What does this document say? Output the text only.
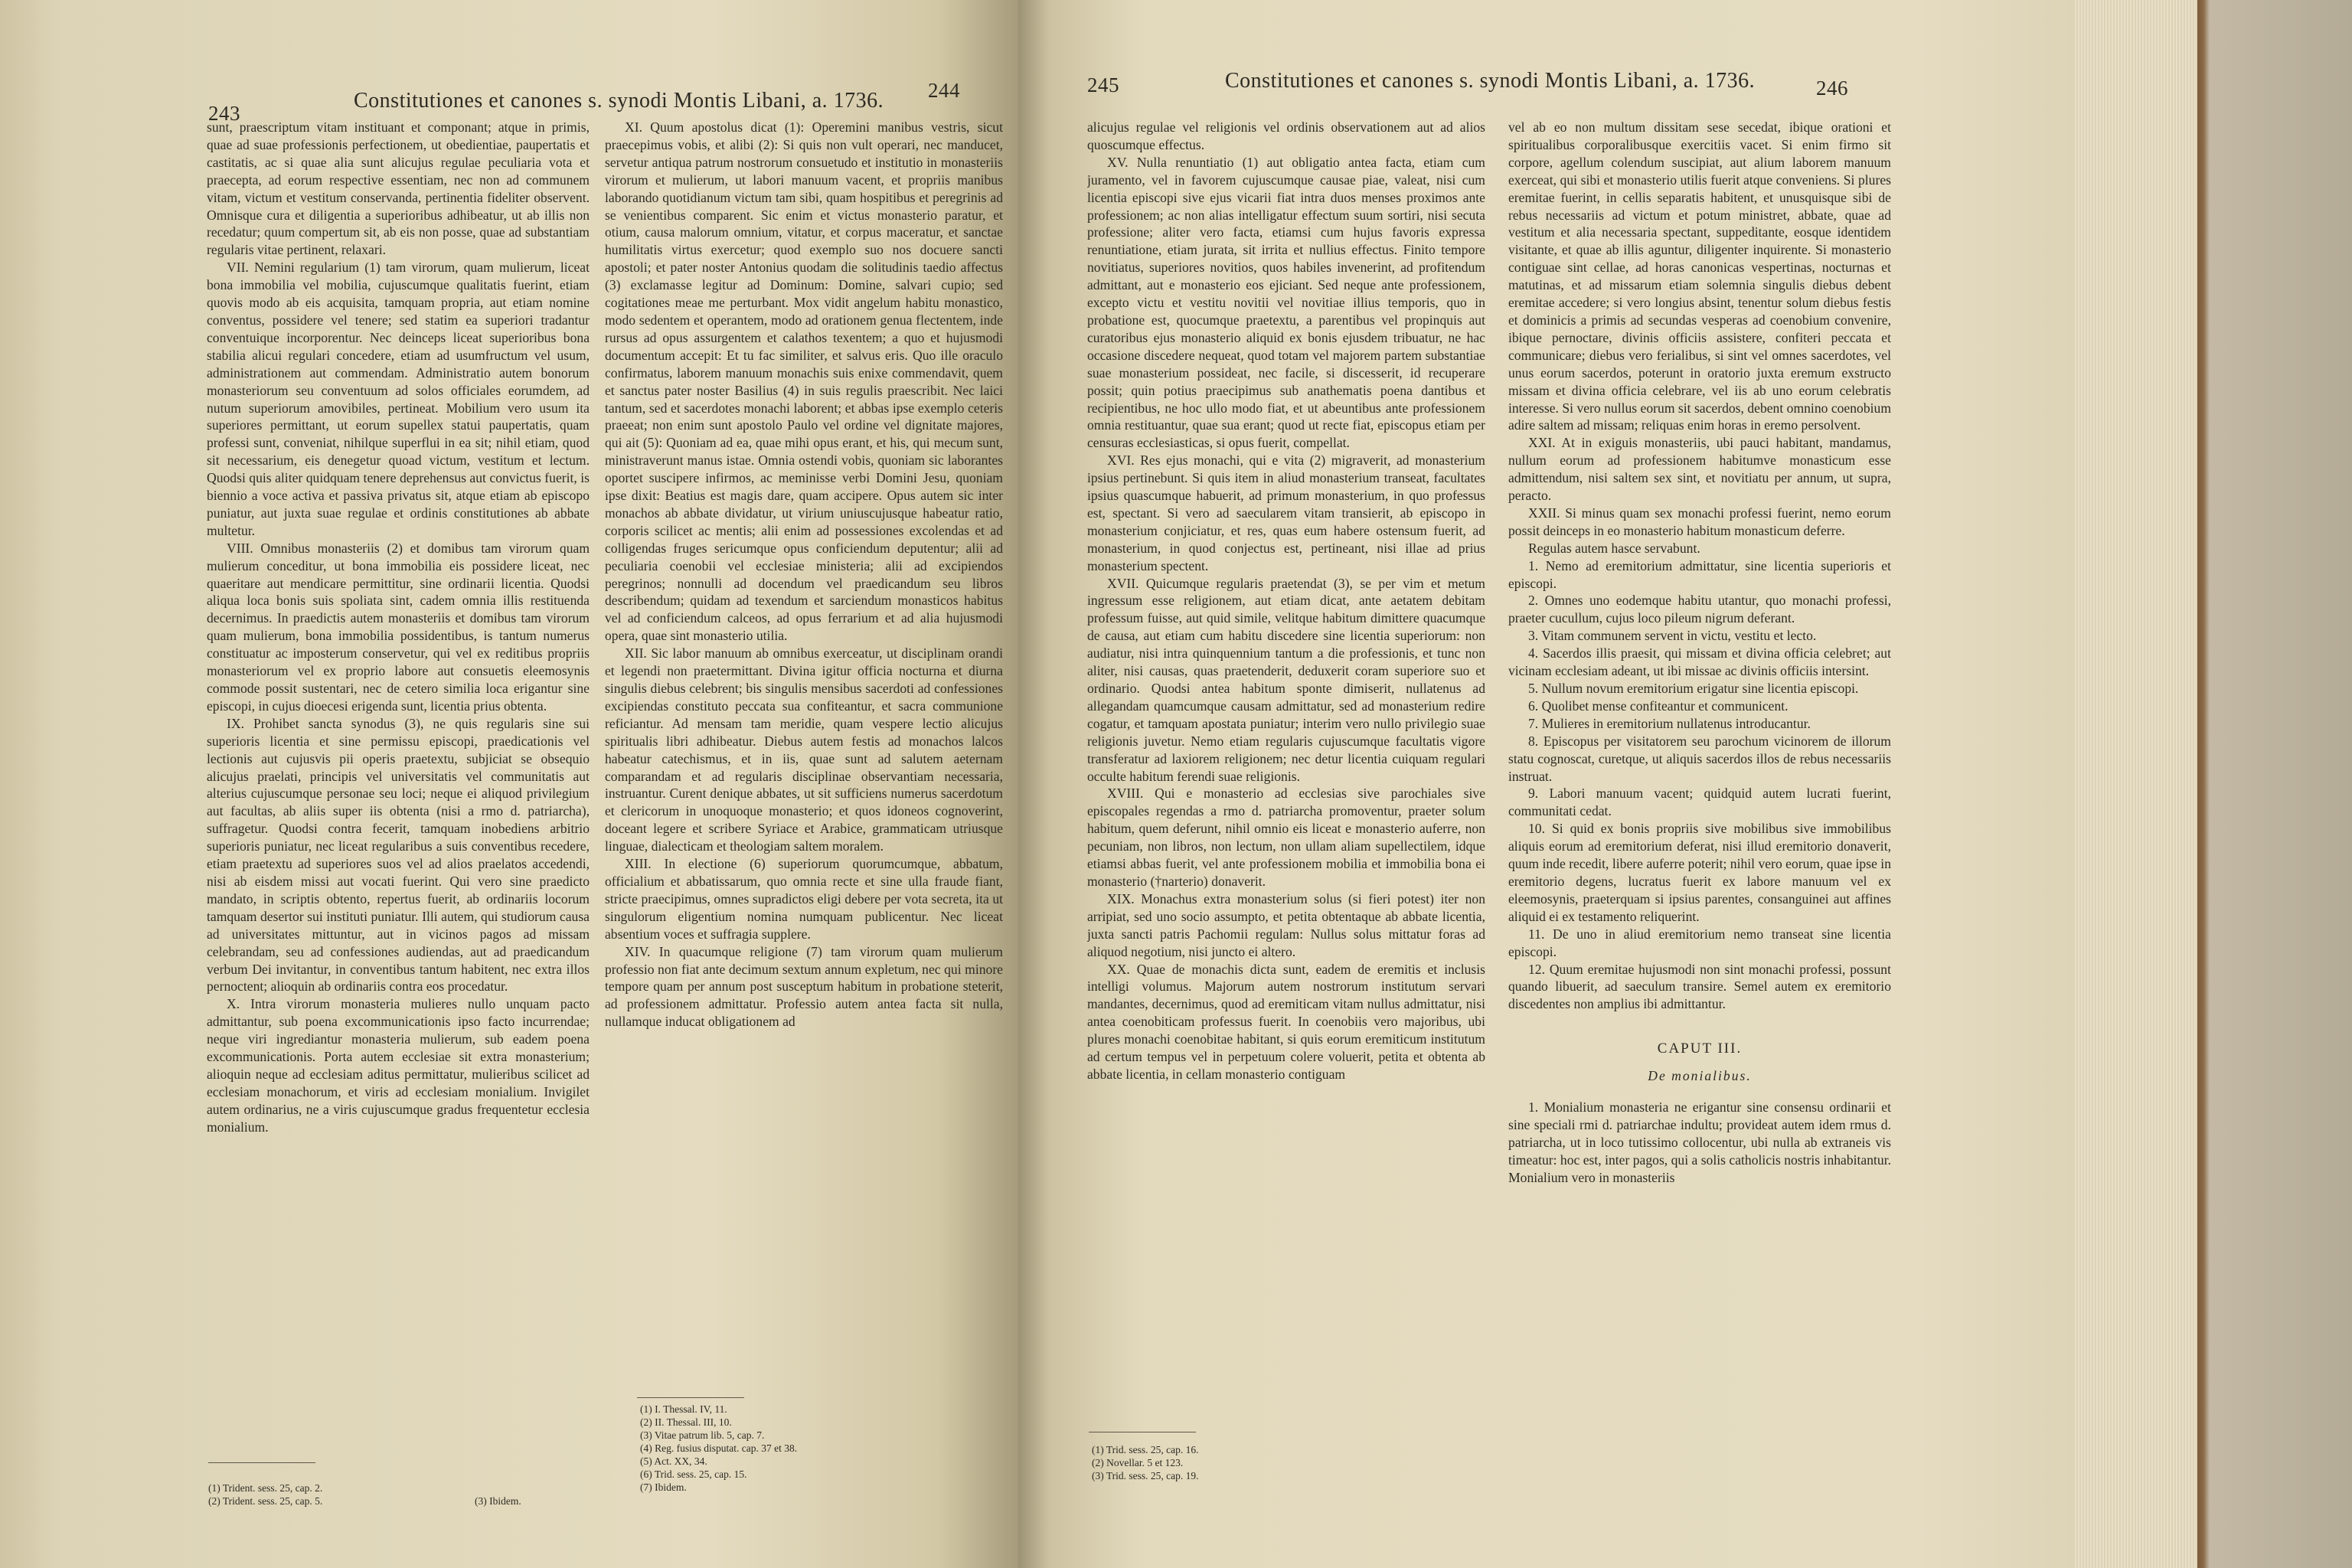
243
Constitutiones et canones s. synodi Montis Libani, a. 1736. 244

sunt, praescriptum vitam instituant et componant; atque in primis, quae ad suae professionis perfectionem, ut obedientiae, paupertatis et castitatis, ac si quae alia sunt alicujus regulae peculiaria vota et praecepta, ad eorum respective essentiam, nec non ad communem vitam, victum et vestitum conservanda, pertinentia fideliter observent. Omnisque cura et diligentia a superioribus adhibeatur, ut ab illis non recedatur; quum compertum sit, ab eis non posse, quae ad substantiam regularis vitae pertinent, relaxari.

VII. Nemini regularium (1) tam virorum, quam mulierum, liceat bona immobilia vel mobilia, cujuscumque qualitatis fuerint, etiam quovis modo ab eis acquisita, tamquam propria, aut etiam nomine conventus, possidere vel tenere; sed statim ea superiori tradantur conventuique incorporentur. Nec deinceps liceat superioribus bona stabilia alicui regulari concedere, etiam ad usumfructum vel usum, administrationem aut commendam. Administratio autem bonorum monasteriorum seu conventuum ad solos officiales eorumdem, ad nutum superiorum amovibiles, pertineat. Mobilium vero usum ita superiores permittant, ut eorum supellex statui paupertatis, quam professi sunt, conveniat, nihilque superflui in ea sit; nihil etiam, quod sit necessarium, eis denegetur quoad victum, vestitum et lectum. Quodsi quis aliter quidquam tenere deprehensus aut convictus fuerit, is biennio a voce activa et passiva privatus sit, atque etiam ab episcopo puniatur, aut juxta suae regulae et ordinis constitutiones ab abbate multetur.

VIII. Omnibus monasteriis (2) et domibus tam virorum quam mulierum conceditur, ut bona immobilia eis possidere liceat, nec quaeritare aut mendicare permittitur, sine ordinarii licentia. Quodsi aliqua loca bonis suis spoliata sint, cadem omnia illis restituenda decernimus. In praedictis autem monasteriis et domibus tam virorum quam mulierum, bona immobilia possidentibus, is tantum numerus constituatur ac imposterum conservetur, qui vel ex reditibus propriis monasteriorum vel ex proprio labore aut consuetis eleemosynis commode possit sustentari, nec de cetero similia loca erigantur sine episcopi, in cujus dioecesi erigenda sunt, licentia prius obtenta.

IX. Prohibet sancta synodus (3), ne quis regularis sine sui superioris licentia et sine permissu episcopi, praedicationis vel lectionis aut cujusvis pii operis praetextu, subjiciat se obsequio alicujus praelati, principis vel universitatis vel communitatis aut alterius cujuscumque personae seu loci; neque ei aliquod privilegium aut facultas, ab aliis super iis obtenta (nisi a rmo d. patriarcha), suffragetur. Quodsi contra fecerit, tamquam inobediens arbitrio superioris puniatur, nec liceat regularibus a suis conventibus recedere, etiam praetextu ad superiores suos vel ad alios praelatos accedendi, nisi ab eisdem missi aut vocati fuerint. Qui vero sine praedicto mandato, in scriptis obtento, repertus fuerit, ab ordinariis locorum tamquam desertor sui instituti puniatur. Illi autem, qui studiorum causa ad universitates mittuntur, aut in vicinos pagos ad missam celebrandam, seu ad confessiones audiendas, aut ad praedicandum verbum Dei invitantur, in conventibus tantum habitent, nec extra illos pernoctent; alioquin ab ordinariis contra eos procedatur.

X. Intra virorum monasteria mulieres nullo unquam pacto admittantur, sub poena excommunicationis ipso facto incurrendae; neque viri ingrediantur monasteria mulierum, sub eadem poena excommunicationis. Porta autem ecclesiae sit extra monasterium; alioquin neque ad ecclesiam aditus permittatur, mulieribus scilicet ad ecclesiam monachorum, et viris ad ecclesiam monialium. Invigilet autem ordinarius, ne a viris cujuscumque gradus frequentetur ecclesia monialium.

XI. Quum apostolus dicat (1): Operemini manibus vestris, sicut praecepimus vobis, et alibi (2): Si quis non vult operari, nec manducet, servetur antiqua patrum nostrorum consuetudo et institutio in monasteriis virorum et mulierum, ut labori manuum vacent, et propriis manibus laborando quotidianum victum tam sibi, quam hospitibus et peregrinis ad se venientibus comparent. Sic enim et victus monasterio paratur, et otium, causa malorum omnium, vitatur, et corpus maceratur, et sanctae humilitatis virtus exercetur; quod exemplo suo nos docuere sancti apostoli; et pater noster Antonius quodam die solitudinis taedio affectus (3) exclamasse legitur ad Dominum: Domine, salvari cupio; sed cogitationes meae me perturbant. Mox vidit angelum habitu monastico, modo sedentem et operantem, modo ad orationem genua flectentem, inde rursus ad opus assurgentem et calathos texentem; a quo et hujusmodi documentum accepit: Et tu fac similiter, et salvus eris. Quo ille oraculo confirmatus, laborem manuum monachis suis enixe commendavit, quem et sanctus pater noster Basilius (4) in suis regulis praescribit. Nec laici tantum, sed et sacerdotes monachi laborent; et abbas ipse exemplo ceteris praeeat; non enim sunt apostolo Paulo vel ordine vel dignitate majores, qui ait (5): Quoniam ad ea, quae mihi opus erant, et his, qui mecum sunt, ministraverunt manus istae. Omnia ostendi vobis, quoniam sic laborantes oportet suscipere infirmos, ac meminisse verbi Domini Jesu, quoniam ipse dixit: Beatius est magis dare, quam accipere. Opus autem sic inter monachos ab abbate dividatur, ut virium uniuscujusque habeatur ratio, corporis scilicet ac mentis; alii enim ad possessiones excolendas et ad colligendas fruges sericumque opus conficiendum deputentur; alii ad peculiaria coenobii vel ecclesiae ministeria; alii ad excipiendos peregrinos; nonnulli ad docendum vel praedicandum seu libros describendum; quidam ad texendum et sarciendum monasticos habitus vel ad conficiendum calceos, ad opus ferrarium et ad alia hujusmodi opera, quae sint monasterio utilia.

XII. Sic labor manuum ab omnibus exerceatur, ut disciplinam orandi et legendi non praetermittant. Divina igitur officia nocturna et diurna singulis diebus celebrent; bis singulis mensibus sacerdoti ad confessiones excipiendas constituto peccata sua confiteantur, et sacra communione reficiantur. Ad mensam tam meridie, quam vespere lectio alicujus spiritualis libri adhibeatur. Diebus autem festis ad monachos lalcos habeatur catechismus, et in iis, quae sunt ad salutem aeternam comparandam et ad regularis disciplinae observantiam necessaria, instruantur. Curent denique abbates, ut sit sufficiens numerus sacerdotum et clericorum in unoquoque monasterio; et quos idoneos cognoverint, doceant legere et scribere Syriace et Arabice, grammaticam utriusque linguae, dialecticam et theologiam saltem moralem.

XIII. In electione (6) superiorum quorumcumque, abbatum, officialium et abbatissarum, quo omnia recte et sine ulla fraude fiant, stricte praecipimus, omnes supradictos eligi debere per vota secreta, ita ut singulorum eligentium nomina numquam publicentur. Nec liceat absentium voces et suffragia supplere.

XIV. In quacumque religione (7) tam virorum quam mulierum professio non fiat ante decimum sextum annum expletum, nec qui minore tempore quam per annum post susceptum habitum in probatione steterit, ad professionem admittatur. Professio autem antea facta sit nulla, nullamque inducat obligationem ad

(1) Trident. sess. 25, cap. 2.
(2) Trident. sess. 25, cap. 5.	(3) Ibidem.
(1) I. Thessal. IV, 11.
(2) II. Thessal. III, 10.
(3) Vitae patrum lib. 5, cap. 7.
(4) Reg. fusius disputat. cap. 37 et 38.
(5) Act. XX, 34.
(6) Trid. sess. 25, cap. 15.
(7) Ibidem.
245	Constitutiones et canones s. synodi Montis Libani, a. 1736.	246

alicujus regulae vel religionis vel ordinis observationem aut ad alios quoscumque effectus.

XV. Nulla renuntiatio (1) aut obligatio antea facta, etiam cum juramento, vel in favorem cujuscumque causae piae, valeat, nisi cum licentia episcopi sive ejus vicarii fiat intra duos menses proximos ante professionem; ac non alias intelligatur effectum suum sortiri, nisi secuta professione; aliter vero facta, etiamsi cum hujus favoris expressa renuntiatione, etiam jurata, sit irrita et nullius effectus. Finito tempore novitiatus, superiores novitios, quos habiles invenerint, ad profitendum admittant, aut e monasterio eos ejiciant. Sed neque ante professionem, excepto victu et vestitu novitii vel novitiae illius temporis, quo in probatione est, quocumque praetextu, a parentibus vel propinquis aut curatoribus ejus monasterio aliquid ex bonis ejusdem tribuatur, ne hac occasione discedere nequeat, quod totam vel majorem partem substantiae suae monasterium possideat, nec facile, si discesserit, id recuperare possit; quin potius praecipimus sub anathematis poena dantibus et recipientibus, ne hoc ullo modo fiat, et ut abeuntibus ante professionem omnia restituantur, quae sua erant; quod ut recte fiat, episcopus etiam per censuras ecclesiasticas, si opus fuerit, compellat.

XVI. Res ejus monachi, qui e vita (2) migraverit, ad monasterium ipsius pertinebunt. Si quis item in aliud monasterium transeat, facultates ipsius quascumque habuerit, ad primum monasterium, in quo professus est, spectant. Si vero ad saecularem vitam transierit, ab episcopo in monasterium conjiciatur, et res, quas eum habere ostensum fuerit, ad monasterium, in quod conjectus est, pertineant, nisi illae ad prius monasterium spectent.

XVII. Quicumque regularis praetendat (3), se per vim et metum ingressum esse religionem, aut etiam dicat, ante aetatem debitam professum fuisse, aut quid simile, velitque habitum dimittere quacumque de causa, aut etiam cum habitu discedere sine licentia superiorum: non audiatur, nisi intra quinquennium tantum a die professionis, et tunc non aliter, nisi causas, quas praetenderit, deduxerit coram superiore suo et ordinario. Quodsi antea habitum sponte dimiserit, nullatenus ad allegandam quamcumque causam admittatur, sed ad monasterium redire cogatur, et tamquam apostata puniatur; interim vero nullo privilegio suae religionis juvetur. Nemo etiam regularis cujuscumque facultatis vigore transferatur ad laxiorem religionem; nec detur licentia cuiquam regulari occulte habitum ferendi suae religionis.

XVIII. Qui e monasterio ad ecclesias sive parochiales sive episcopales regendas a rmo d. patriarcha promoventur, praeter solum habitum, quem deferunt, nihil omnio eis liceat e monasterio auferre, non pecuniam, non libros, non lectum, non ullam aliam supellectilem, idque etiamsi abbas fuerit, vel ante professionem mobilia et immobilia bona ei monasterio (†narterio) donaverit.

XIX. Monachus extra monasterium solus (si fieri potest) iter non arripiat, sed uno socio assumpto, et petita obtentaque ab abbate licentia, juxta sancti patris Pachomii regulam: Nullus solus mittatur foras ad aliquod negotium, nisi juncto ei altero.

XX. Quae de monachis dicta sunt, eadem de eremitis et inclusis intelligi volumus. Majorum autem nostrorum institutum servari mandantes, decernimus, quod ad eremiticam vitam nullus admittatur, nisi antea coenobiticam professus fuerit. In coenobiis vero majoribus, ubi plures monachi coenobitae habitant, si quis eorum eremiticum institutum ad certum tempus vel in perpetuum colere voluerit, petita et obtenta ab abbate licentia, in cellam monasterio contiguam

vel ab eo non multum dissitam sese secedat, ibique orationi et spiritualibus corporalibusque exercitiis vacet. Si enim firmo sit corpore, agellum colendum suscipiat, aut alium laborem manuum exerceat, qui sibi et monasterio utilis fuerit atque conveniens. Si plures eremitae fuerint, in cellis separatis habitent, et unusquisque sibi de rebus necessariis ad victum et potum ministret, abbate, quae ad vestitum et alia necessaria spectant, suppeditante, eosque identidem visitante, et quae ab illis aguntur, diligenter inquirente. Si monasterio contiguae sint cellae, ad horas canonicas vespertinas, nocturnas et matutinas, et ad missarum etiam solemnia singulis diebus debent eremitae accedere; si vero longius absint, tenentur solum diebus festis et dominicis a primis ad secundas vesperas ad coenobium convenire, ibique pernoctare, divinis officiis assistere, confiteri peccata et communicare; diebus vero ferialibus, si sint vel omnes sacerdotes, vel unus eorum sacerdos, poterunt in oratorio juxta eremum exstructo missam et divina officia celebrare, vel iis ab uno eorum celebratis interesse. Si vero nullus eorum sit sacerdos, debent omnino coenobium adire saltem ad missam; reliquas enim horas in eremo persolvent.

XXI. At in exiguis monasteriis, ubi pauci habitant, mandamus, nullum eorum ad professionem habitumve monasticum esse admittendum, nisi saltem sex sint, et novitiatu per annum, ut supra, peracto.

XXII. Si minus quam sex monachi professi fuerint, nemo eorum possit deinceps in eo monasterio habitum monasticum deferre.

Regulas autem hasce servabunt.

1. Nemo ad eremitorium admittatur, sine licentia superioris et episcopi.

2. Omnes uno eodemque habitu utantur, quo monachi professi, praeter cucullum, cujus loco pileum nigrum deferant.

3. Vitam communem servent in victu, vestitu et lecto.

4. Sacerdos illis praesit, qui missam et divina officia celebret; aut vicinam ecclesiam adeant, ut ibi missae ac divinis officiis intersint.

5. Nullum novum eremitorium erigatur sine licentia episcopi.

6. Quolibet mense confiteantur et communicent.

7. Mulieres in eremitorium nullatenus introducantur.

8. Episcopus per visitatorem seu parochum vicinorem de illorum statu cognoscat, curetque, ut aliquis sacerdos illos de rebus necessariis instruat.

9. Labori manuum vacent; quidquid autem lucrati fuerint, communitati cedat.

10. Si quid ex bonis propriis sive mobilibus sive immobilibus aliquis eorum ad eremitorium deferat, nisi illud eremitorio donaverit, quum inde recedit, libere auferre poterit; nihil vero eorum, quae ipse in eremitorio degens, lucratus fuerit ex labore manuum vel ex eleemosynis, praeterquam si ipsius parentes, consanguinei aut affines aliquid ei ex testamento reliquerint.

11. De uno in aliud eremitorium nemo transeat sine licentia episcopi.

12. Quum eremitae hujusmodi non sint monachi professi, possunt quando libuerit, ad saeculum transire. Semel autem ex eremitorio discedentes non amplius ibi admittantur.

CAPUT III.
De monialibus.

1. Monialium monasteria ne erigantur sine consensu ordinarii et sine speciali rmi d. patriarchae indultu; provideat autem idem rmus d. patriarcha, ut in loco tutissimo collocentur, ubi nulla ab extraneis vis timeatur: hoc est, inter pagos, qui a solis catholicis nostris inhabitantur. Monialium vero in monasteriis

(1) Trid. sess. 25, cap. 16.
(2) Novellar. 5 et 123.
(3) Trid. sess. 25, cap. 19.
